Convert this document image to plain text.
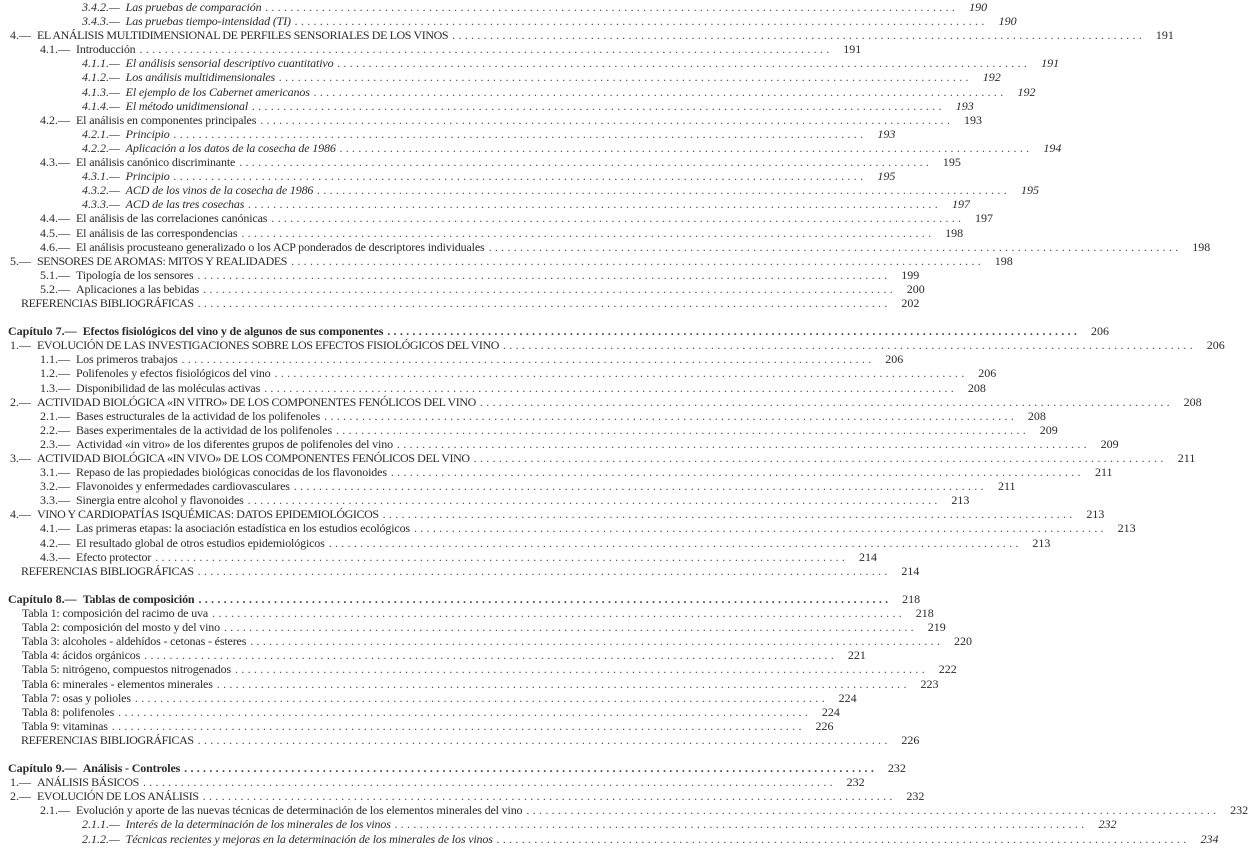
3.4.2.— Las pruebas de comparación . . .	190
3.4.3.— Las pruebas tiempo-intensidad (TI) . . .	190
4.— EL ANÁLISIS MULTIDIMENSIONAL DE PERFILES SENSORIALES DE LOS VINOS . . .	191
4.1.— Introducción . . .	191
4.1.1.— El análisis sensorial descriptivo cuantitativo . . .	191
4.1.2.— Los análisis multidimensionales . . .	192
4.1.3.— El ejemplo de los Cabernet americanos . . .	192
4.1.4.— El método unidimensional . . .	193
4.2.— El análisis en componentes principales . . .	193
4.2.1.— Principio . . .	193
4.2.2.— Aplicación a los datos de la cosecha de 1986 . . .	194
4.3.— El análisis canónico discriminante . . .	195
4.3.1.— Principio . . .	195
4.3.2.— ACD de los vinos de la cosecha de 1986 . . .	195
4.3.3.— ACD de las tres cosechas . . .	197
4.4.— El análisis de las correlaciones canónicas . . .	197
4.5.— El análisis de las correspondencias . . .	198
4.6.— El análisis procusteano generalizado o los ACP ponderados de descriptores individuales . . .	198
5.— SENSORES DE AROMAS: MITOS Y REALIDADES . . .	198
5.1.— Tipología de los sensores . . .	199
5.2.— Aplicaciones a las bebidas . . .	200
REFERENCIAS BIBLIOGRÁFICAS . . .	202
Capítulo 7.— Efectos fisiológicos del vino y de algunos de sus componentes . . .	206
1.— EVOLUCIÓN DE LAS INVESTIGACIONES SOBRE LOS EFECTOS FISIOLÓGICOS DEL VINO . . .	206
1.1.— Los primeros trabajos . . .	206
1.2.— Polifenoles y efectos fisiológicos del vino . . .	206
1.3.— Disponibilidad de las moléculas activas . . .	208
2.— ACTIVIDAD BIOLÓGICA «IN VITRO» DE LOS COMPONENTES FENÓLICOS DEL VINO . . .	208
2.1.— Bases estructurales de la actividad de los polifenoles . . .	208
2.2.— Bases experimentales de la actividad de los polifenoles . . .	209
2.3.— Actividad «in vitro» de los diferentes grupos de polifenoles del vino . . .	209
3.— ACTIVIDAD BIOLÓGICA «IN VIVO» DE LOS COMPONENTES FENÓLICOS DEL VINO . . .	211
3.1.— Repaso de las propiedades biológicas conocidas de los flavonoides . . .	211
3.2.— Flavonoides y enfermedades cardiovasculares . . .	211
3.3.— Sinergia entre alcohol y flavonoides . . .	213
4.— VINO Y CARDIOPATÍAS ISQUÉMICAS: DATOS EPIDEMIOLÓGICOS . . .	213
4.1.— Las primeras etapas: la asociación estadística en los estudios ecológicos . . .	213
4.2.— El resultado global de otros estudios epidemiológicos . . .	213
4.3.— Efecto protector . . .	214
REFERENCIAS BIBLIOGRÁFICAS . . .	214
Capítulo 8.— Tablas de composición . . .	218
Tabla 1: composición del racimo de uva . . .	218
Tabla 2: composición del mosto y del vino . . .	219
Tabla 3: alcoholes - aldehídos - cetonas - ésteres . . .	220
Tabla 4: ácidos orgánicos . . .	221
Tabla 5: nitrógeno, compuestos nitrogenados . . .	222
Tabla 6: minerales - elementos minerales . . .	223
Tabla 7: osas y polioles . . .	224
Tabla 8: polifenoles . . .	224
Tabla 9: vitaminas . . .	226
REFERENCIAS BIBLIOGRÁFICAS . . .	226
Capítulo 9.— Análisis - Controles . . .	232
1.— ANÁLISIS BÁSICOS . . .	232
2.— EVOLUCIÓN DE LOS ANÁLISIS . . .	232
2.1.— Evolución y aporte de las nuevas técnicas de determinación de los elementos minerales del vino . . .	232
2.1.1.— Interés de la determinación de los minerales de los vinos . . .	232
2.1.2.— Técnicas recientes y mejoras en la determinación de los minerales de los vinos . . .	234
